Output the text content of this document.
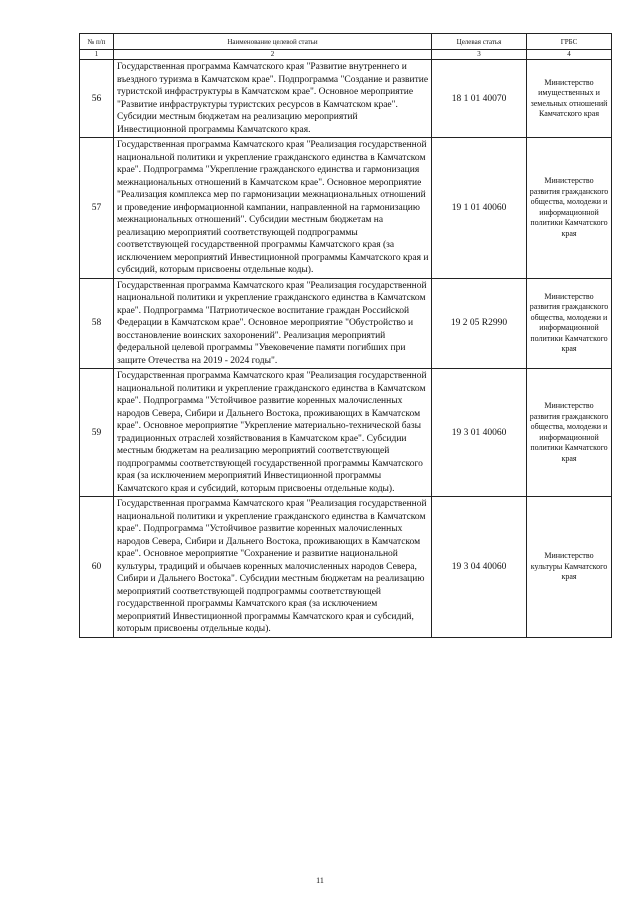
№ п/п	Наименование целевой статьи	Целевая статья	ГРБС
1	2	3	4
56	Государственная программа Камчатского края "Развитие внутреннего и въездного туризма в Камчатском крае". Подпрограмма "Создание и развитие туристской инфраструктуры в Камчатском крае". Основное мероприятие "Развитие инфраструктуры туристских ресурсов в Камчатском крае". Субсидии местным бюджетам на реализацию мероприятий Инвестиционной программы Камчатского края.	18 1 01 40070	Министерство имущественных и земельных отношений Камчатского края
57	Государственная программа Камчатского края "Реализация государственной национальной политики и укрепление гражданского единства в Камчатском крае". Подпрограмма "Укрепление гражданского единства и гармонизация межнациональных отношений в Камчатском крае". Основное мероприятие "Реализация комплекса мер по гармонизации межнациональных отношений и проведение информационной кампании, направленной на гармонизацию межнациональных отношений". Субсидии местным бюджетам на реализацию мероприятий соответствующей подпрограммы соответствующей государственной программы Камчатского края (за исключением мероприятий Инвестиционной программы Камчатского края и субсидий, которым присвоены отдельные коды).	19 1 01 40060	Министерство развития гражданского общества, молодежи и информационной политики Камчатского края
58	Государственная программа Камчатского края "Реализация государственной национальной политики и укрепление гражданского единства в Камчатском крае". Подпрограмма "Патриотическое воспитание граждан Российской Федерации в Камчатском крае". Основное мероприятие "Обустройство и восстановление воинских захоронений". Реализация мероприятий федеральной целевой программы "Увековечение памяти погибших при защите Отечества на 2019 - 2024 годы".	19 2 05 R2990	Министерство развития гражданского общества, молодежи и информационной политики Камчатского края
59	Государственная программа Камчатского края "Реализация государственной национальной политики и укрепление гражданского единства в Камчатском крае". Подпрограмма "Устойчивое развитие коренных малочисленных народов Севера, Сибири и Дальнего Востока, проживающих в Камчатском крае". Основное мероприятие "Укрепление материально-технической базы традиционных отраслей хозяйствования в Камчатском крае". Субсидии местным бюджетам на реализацию мероприятий соответствующей подпрограммы соответствующей государственной программы Камчатского края (за исключением мероприятий Инвестиционной программы Камчатского края и субсидий, которым присвоены отдельные коды).	19 3 01 40060	Министерство развития гражданского общества, молодежи и информационной политики Камчатского края
60	Государственная программа Камчатского края "Реализация государственной национальной политики и укрепление гражданского единства в Камчатском крае". Подпрограмма "Устойчивое развитие коренных малочисленных народов Севера, Сибири и Дальнего Востока, проживающих в Камчатском крае". Основное мероприятие "Сохранение и развитие национальной культуры, традиций и обычаев коренных малочисленных народов Севера, Сибири и Дальнего Востока". Субсидии местным бюджетам на реализацию мероприятий соответствующей подпрограммы соответствующей государственной программы Камчатского края (за исключением мероприятий Инвестиционной программы Камчатского края и субсидий, которым присвоены отдельные коды).	19 3 04 40060	Министерство культуры Камчатского края
11
